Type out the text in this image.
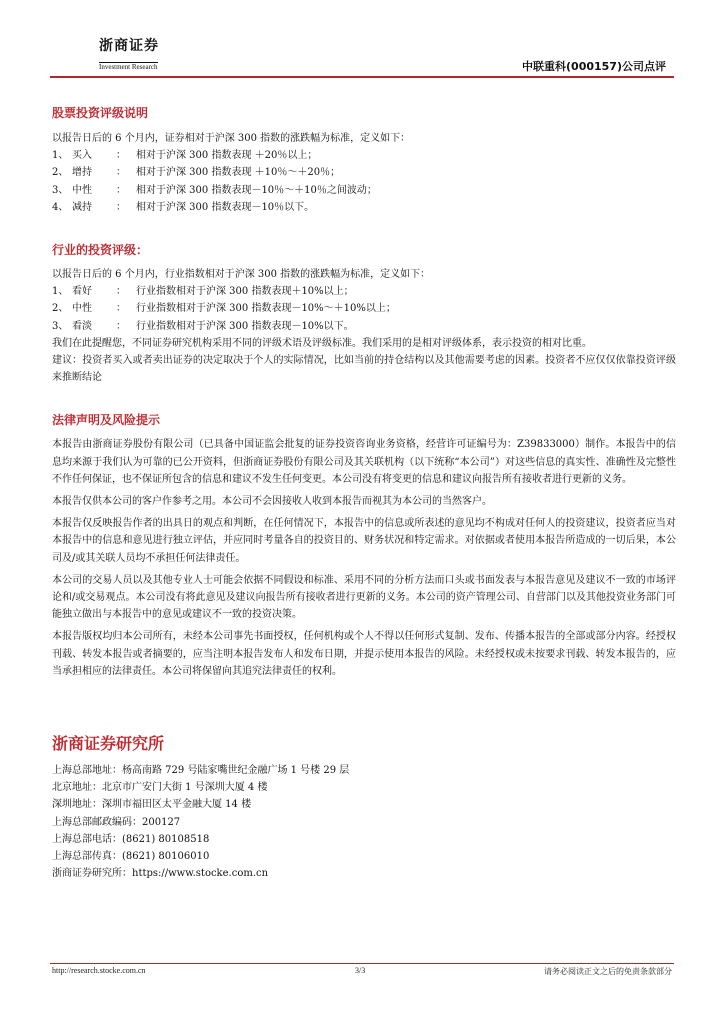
浙商证券
Investment Research	中联重科(000157)公司点评

股票投资评级说明

以报告日后的 6 个月内，证券相对于沪深 300 指数的涨跌幅为标准，定义如下：

1、 买入	：	相对于沪深 300 指数表现 ＋20％以上；
2、 增持	：	相对于沪深 300 指数表现 ＋10％～＋20％；
3、 中性	：	相对于沪深 300 指数表现－10％～＋10％之间波动；
4、 减持	：	相对于沪深 300 指数表现－10％以下。

行业的投资评级：

以报告日后的 6 个月内，行业指数相对于沪深 300 指数的涨跌幅为标准，定义如下：

1、 看好	：	行业指数相对于沪深 300 指数表现＋10%以上；
2、 中性	：	行业指数相对于沪深 300 指数表现－10%～＋10%以上；
3、 看淡	：	行业指数相对于沪深 300 指数表现－10%以下。

我们在此提醒您，不同证券研究机构采用不同的评级术语及评级标准。我们采用的是相对评级体系，表示投资的相对比重。

建议：投资者买入或者卖出证券的决定取决于个人的实际情况，比如当前的持仓结构以及其他需要考虑的因素。投资者不应仅仅依靠投资评级来推断结论

法律声明及风险提示

本报告由浙商证券股份有限公司（已具备中国证监会批复的证券投资咨询业务资格，经营许可证编号为：Z39833000）制作。本报告中的信息均来源于我们认为可靠的已公开资料，但浙商证券股份有限公司及其关联机构（以下统称“本公司”）对这些信息的真实性、准确性及完整性不作任何保证，也不保证所包含的信息和建议不发生任何变更。本公司没有将变更的信息和建议向报告所有接收者进行更新的义务。

本报告仅供本公司的客户作参考之用。本公司不会因接收人收到本报告而视其为本公司的当然客户。

本报告仅反映报告作者的出具日的观点和判断，在任何情况下，本报告中的信息或所表述的意见均不构成对任何人的投资建议，投资者应当对本报告中的信息和意见进行独立评估，并应同时考量各自的投资目的、财务状况和特定需求。对依据或者使用本报告所造成的一切后果，本公司及/或其关联人员均不承担任何法律责任。

本公司的交易人员以及其他专业人士可能会依据不同假设和标准、采用不同的分析方法而口头或书面发表与本报告意见及建议不一致的市场评论和/或交易观点。本公司没有将此意见及建议向报告所有接收者进行更新的义务。本公司的资产管理公司、自营部门以及其他投资业务部门可能独立做出与本报告中的意见或建议不一致的投资决策。

本报告版权均归本公司所有，未经本公司事先书面授权，任何机构或个人不得以任何形式复制、发布、传播本报告的全部或部分内容。经授权刊载、转发本报告或者摘要的，应当注明本报告发布人和发布日期，并提示使用本报告的风险。未经授权或未按要求刊载、转发本报告的，应当承担相应的法律责任。本公司将保留向其追究法律责任的权利。

浙商证券研究所

上海总部地址：杨高南路 729 号陆家嘴世纪金融广场 1 号楼 29 层

北京地址：北京市广安门大街 1 号深圳大厦 4 楼

深圳地址：深圳市福田区太平金融大厦 14 楼

上海总部邮政编码：200127

上海总部电话：(8621) 80108518

上海总部传真：(8621) 80106010

浙商证券研究所：https://www.stocke.com.cn

http://research.stocke.com.cn	3/3	请务必阅读正文之后的免责条款部分
